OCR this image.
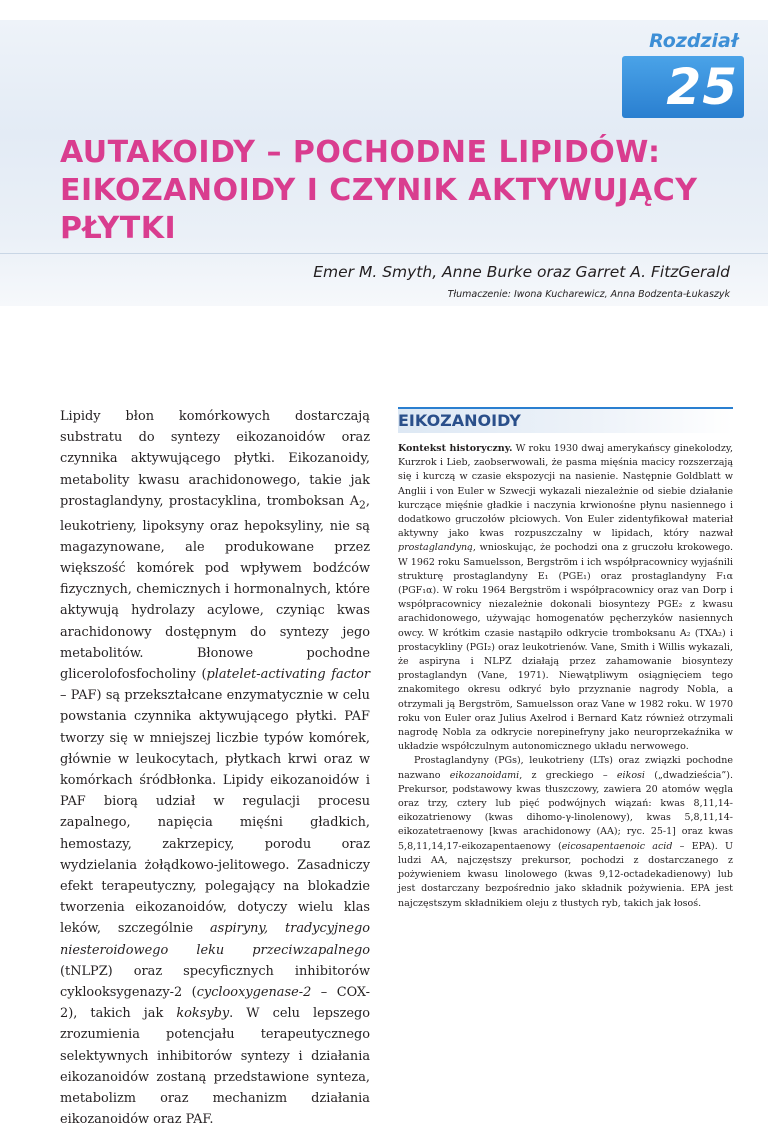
Rozdział
25
AUTAKOIDY – POCHODNE LIPIDÓW:
EIKOZANOIDY I CZYNIK AKTYWUJĄCY
PŁYTKI
Emer M. Smyth, Anne Burke oraz Garret A. FitzGerald
Tłumaczenie: Iwona Kucharewicz, Anna Bodzenta-Łukaszyk

Lipidy błon komórkowych dostarczają substratu do syntezy eikozanoidów oraz czynnika aktywującego płytki. Eikozanoidy, metabolity kwasu arachidonowego, takie jak prostaglandyny, prostacyklina, tromboksan $A_2$, leukotrieny, lipoksyny oraz hepoksyliny, nie są magazynowane, ale produkowane przez większość komórek pod wpływem bodźców fizycznych, chemicznych i hormonalnych, które aktywują hydrolazy acylowe, czyniąc kwas arachidonowy dostępnym do syntezy jego metabolitów. Błonowe pochodne glicerolofosfocholiny (platelet-activating factor – PAF) są przekształcane enzymatycznie w celu powstania czynnika aktywującego płytki. PAF tworzy się w mniejszej liczbie typów komórek, głównie w leukocytach, płytkach krwi oraz w komórkach śródbłonka. Lipidy eikozanoidów i PAF biorą udział w regulacji procesu zapalnego, napięcia mięśni gładkich, hemostazy, zakrzepicy, porodu oraz wydzielania żołądkowo-jelitowego. Zasadniczy efekt terapeutyczny, polegający na blokadzie tworzenia eikozanoidów, dotyczy wielu klas leków, szczególnie aspiryny, tradycyjnego niesteroidowego leku przeciwzapalnego (tNLPZ) oraz specyficznych inhibitorów cyklooksygenazy-2 (cyclooxygenase-2 – COX-2), takich jak koksyby. W celu lepszego zrozumienia potencjału terapeutycznego selektywnych inhibitorów syntezy i działania eikozanoidów zostaną przedstawione synteza, metabolizm oraz mechanizm działania eikozanoidów oraz PAF.

EIKOZANOIDY

Kontekst historyczny. W roku 1930 dwaj amerykańscy ginekolodzy, Kurzrok i Lieb, zaobserwowali, że pasma mięśnia macicy rozszerzają się i kurczą w czasie ekspozycji na nasienie. Następnie Goldblatt w Anglii i von Euler w Szwecji wykazali niezależnie od siebie działanie kurczące mięśnie gładkie i naczynia krwionośne płynu nasiennego i dodatkowo gruczołów płciowych. Von Euler zidentyfikował materiał aktywny jako kwas rozpuszczalny w lipidach, który nazwał prostaglandyną, wnioskując, że pochodzi ona z gruczołu krokowego. W 1962 roku Samuelsson, Bergström i ich współpracownicy wyjaśnili strukturę prostaglandyny E₁ (PGE₁) oraz prostaglandyny F₁α (PGF₁α). W roku 1964 Bergström i współpracownicy oraz van Dorp i współpracownicy niezależnie dokonali biosyntezy PGE₂ z kwasu arachidonowego, używając homogenatów pęcherzyków nasiennych owcy. W krótkim czasie nastąpiło odkrycie tromboksanu A₂ (TXA₂) i prostacykliny (PGI₂) oraz leukotrienów. Vane, Smith i Willis wykazali, że aspiryna i NLPZ działają przez zahamowanie biosyntezy prostaglandyn (Vane, 1971). Niewątpliwym osiągnięciem tego znakomitego okresu odkryć było przyznanie nagrody Nobla, a otrzymali ją Bergström, Samuelsson oraz Vane w 1982 roku. W 1970 roku von Euler oraz Julius Axelrod i Bernard Katz również otrzymali nagrodę Nobla za odkrycie norepinefryny jako neuroprzekaźnika w układzie współczulnym autonomicznego układu nerwowego.

Prostaglandyny (PGs), leukotrieny (LTs) oraz związki pochodne nazwano eikozanoidami, z greckiego – eikosi („dwadzieścia”). Prekursor, podstawowy kwas tłuszczowy, zawiera 20 atomów węgla oraz trzy, cztery lub pięć podwójnych wiązań: kwas 8,11,14-eikozatrienowy (kwas dihomo-γ-linolenowy), kwas 5,8,11,14-eikozatetraenowy [kwas arachidonowy (AA); ryc. 25-1] oraz kwas 5,8,11,14,17-eikozapentaenowy (eicosapentaenoic acid – EPA). U ludzi AA, najczęstszy prekursor, pochodzi z dostarczanego z pożywieniem kwasu linolowego (kwas 9,12-octadekadienowy) lub jest dostarczany bezpośrednio jako składnik pożywienia. EPA jest najczęstszym składnikiem oleju z tłustych ryb, takich jak łosoś.
